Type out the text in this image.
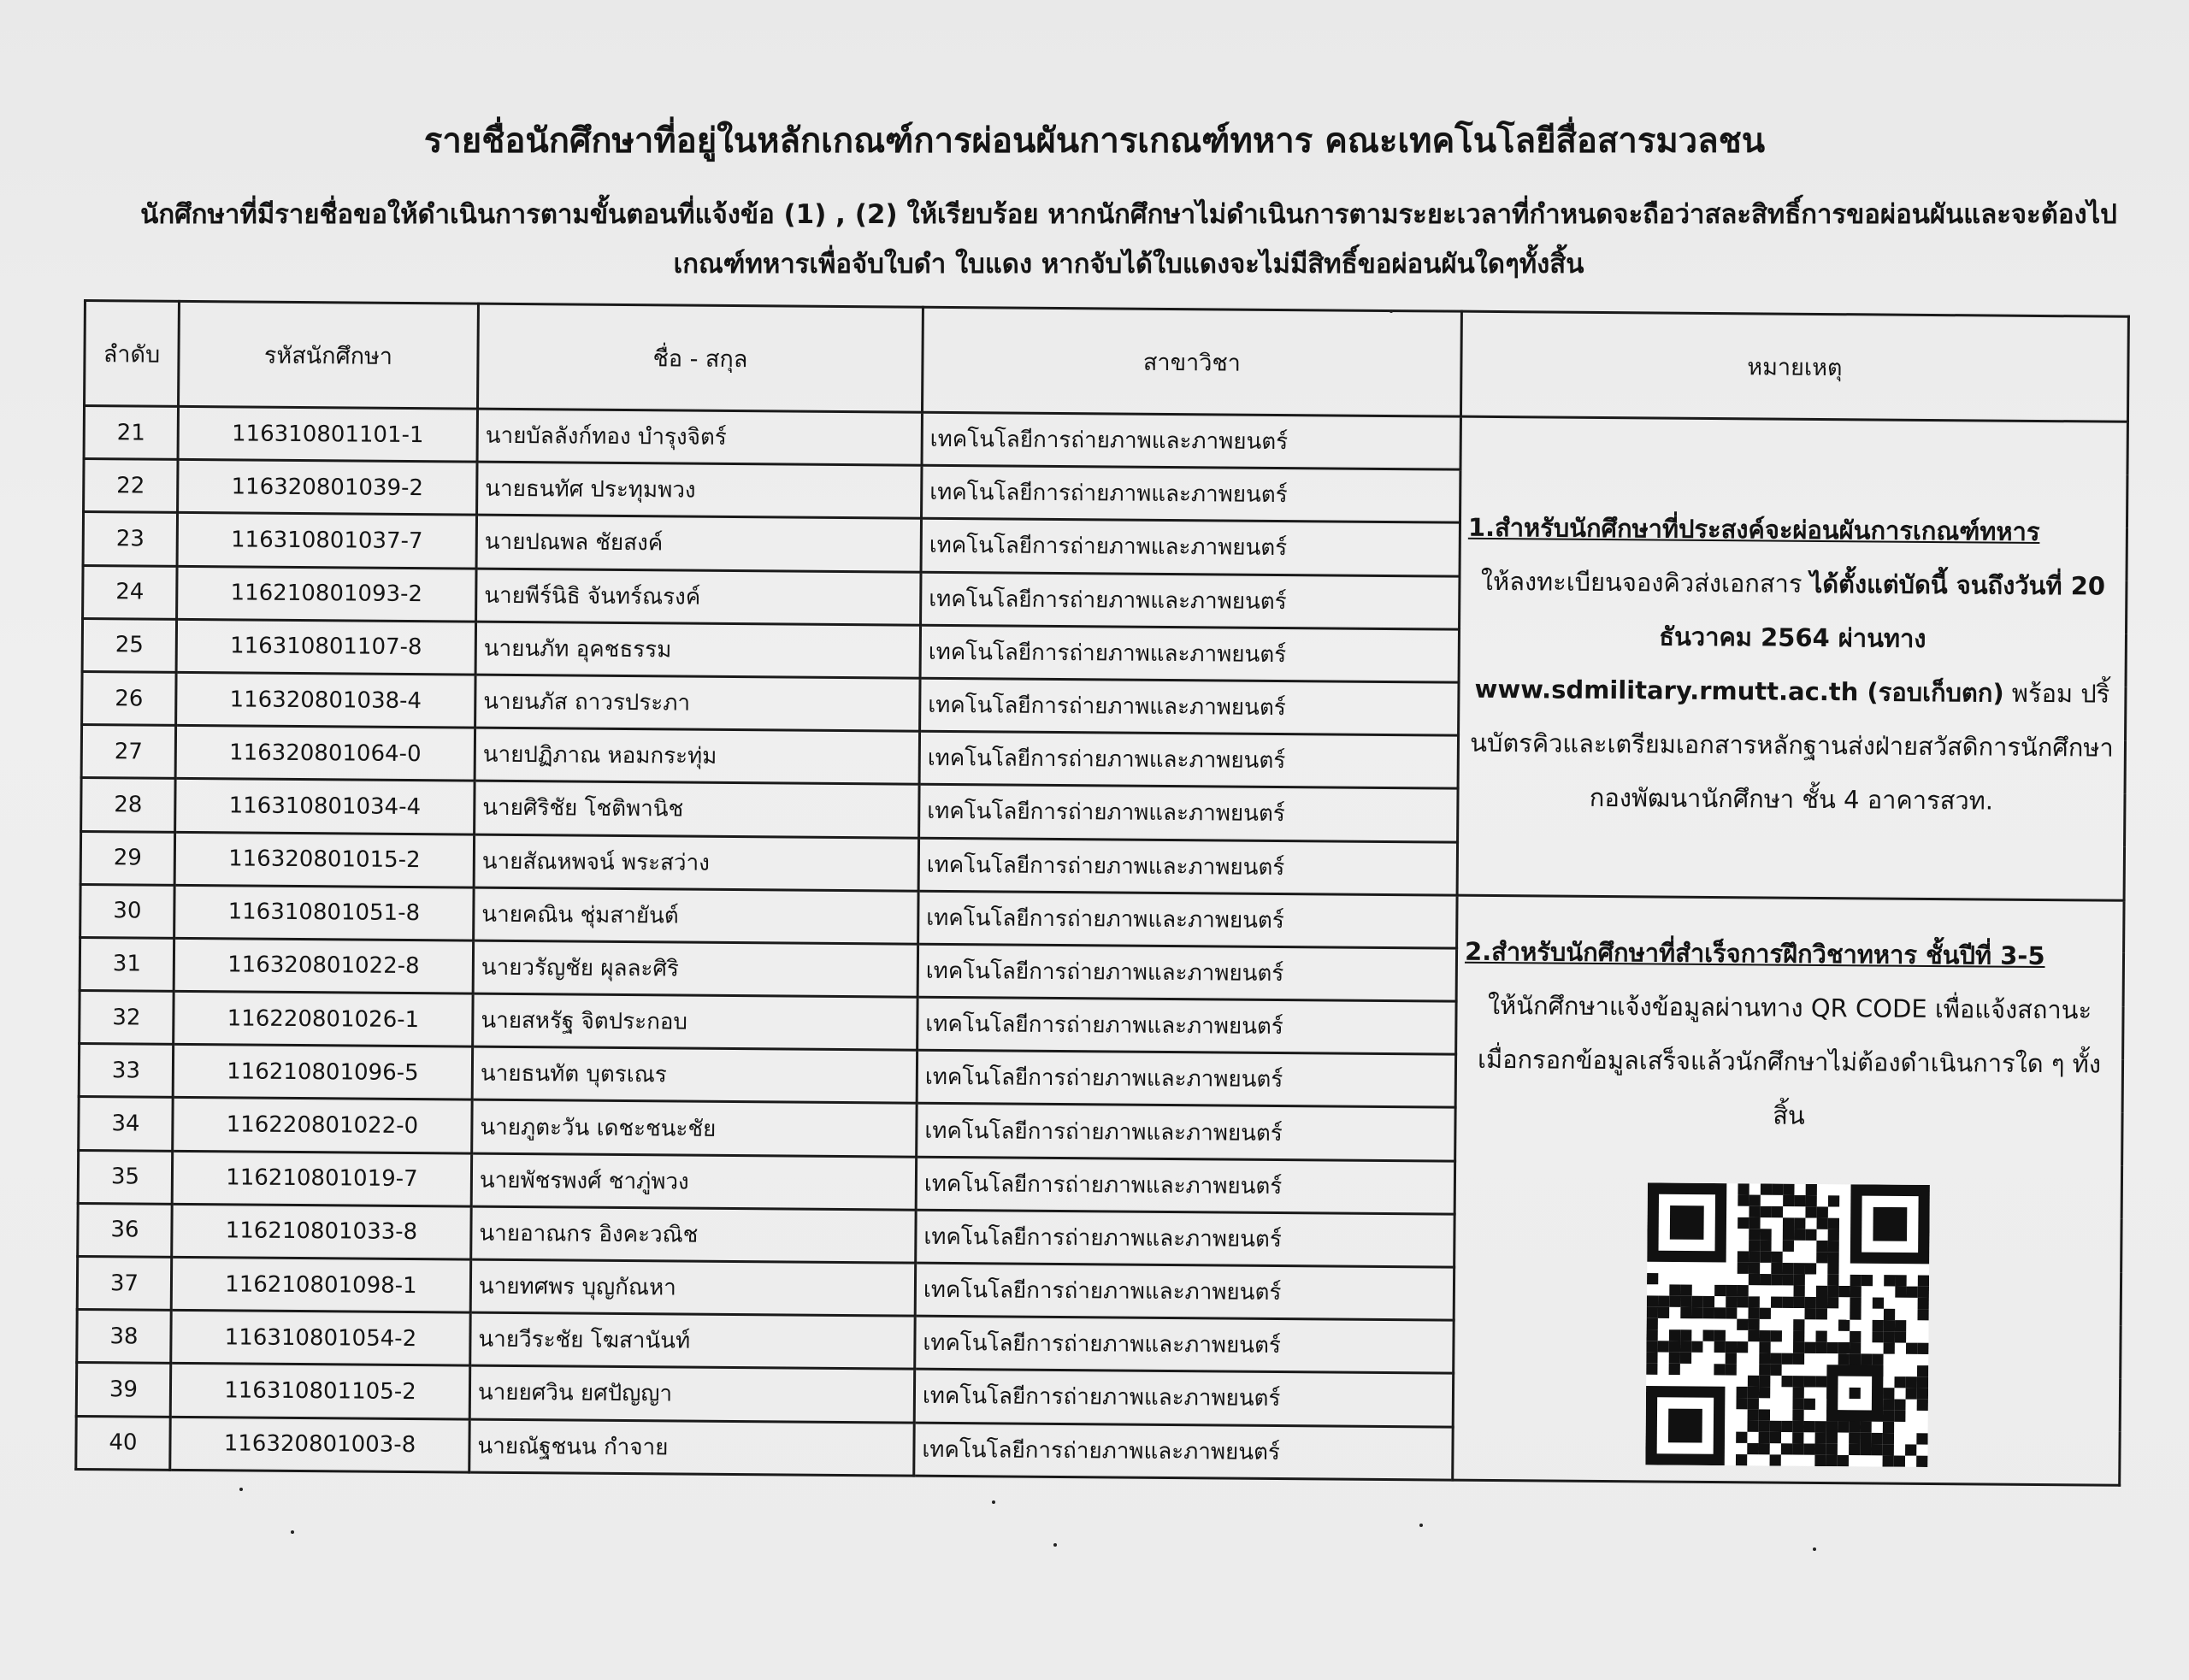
รายชื่อนักศึกษาที่อยู่ในหลักเกณฑ์การผ่อนผันการเกณฑ์ทหาร คณะเทคโนโลยีสื่อสารมวลชน
นักศึกษาที่มีรายชื่อขอให้ดำเนินการตามขั้นตอนที่แจ้งข้อ (1) , (2) ให้เรียบร้อย หากนักศึกษาไม่ดำเนินการตามระยะเวลาที่กำหนดจะถือว่าสละสิทธิ์การขอผ่อนผันและจะต้องไป
เกณฑ์ทหารเพื่อจับใบดำ ใบแดง หากจับได้ใบแดงจะไม่มีสิทธิ์ขอผ่อนผันใดๆทั้งสิ้น
ลำดับ	รหัสนักศึกษา	ชื่อ - สกุล	สาขาวิชา	หมายเหตุ
21	116310801101-1	นายบัลลังก์ทอง บำรุงจิตร์	เทคโนโลยีการถ่ายภาพและภาพยนตร์	1.สำหรับนักศึกษาที่ประสงค์จะผ่อนผันการเกณฑ์ทหาร
ให้ลงทะเบียนจองคิวส่งเอกสาร ได้ตั้งแต่บัดนี้ จนถึงวันที่ 20 ธันวาคม 2564 ผ่านทาง www.sdmilitary.rmutt.ac.th (รอบเก็บตก) พร้อม ปริ้นบัตรคิวและเตรียมเอกสารหลักฐานส่งฝ่ายสวัสดิการนักศึกษา กองพัฒนานักศึกษา ชั้น 4 อาคารสวท.

22	116320801039-2	นายธนทัศ ประทุมพวง	เทคโนโลยีการถ่ายภาพและภาพยนตร์	
23	116310801037-7	นายปณพล ชัยสงค์	เทคโนโลยีการถ่ายภาพและภาพยนตร์	
24	116210801093-2	นายพีร์นิธิ จันทร์ณรงค์	เทคโนโลยีการถ่ายภาพและภาพยนตร์	
25	116310801107-8	นายนภัท อุคชธรรม	เทคโนโลยีการถ่ายภาพและภาพยนตร์	
26	116320801038-4	นายนภัส ถาวรประภา	เทคโนโลยีการถ่ายภาพและภาพยนตร์	
27	116320801064-0	นายปฏิภาณ หอมกระทุ่ม	เทคโนโลยีการถ่ายภาพและภาพยนตร์	
28	116310801034-4	นายศิริชัย โชติพานิช	เทคโนโลยีการถ่ายภาพและภาพยนตร์	
29	116320801015-2	นายสัณหพจน์ พระสว่าง	เทคโนโลยีการถ่ายภาพและภาพยนตร์	
30	116310801051-8	นายคณิน ชุ่มสายันต์	เทคโนโลยีการถ่ายภาพและภาพยนตร์	2.สำหรับนักศึกษาที่สำเร็จการฝึกวิชาทหาร ชั้นปีที่ 3-5
ให้นักศึกษาแจ้งข้อมูลผ่านทาง QR CODE เพื่อแจ้งสถานะ เมื่อกรอกข้อมูลเสร็จแล้วนักศึกษาไม่ต้องดำเนินการใด ๆ ทั้งสิ้น

31	116320801022-8	นายวรัญชัย ผุลละศิริ	เทคโนโลยีการถ่ายภาพและภาพยนตร์	
32	116220801026-1	นายสหรัฐ จิตประกอบ	เทคโนโลยีการถ่ายภาพและภาพยนตร์	
33	116210801096-5	นายธนทัต บุตรเณร	เทคโนโลยีการถ่ายภาพและภาพยนตร์	
34	116220801022-0	นายภูตะวัน เดชะชนะชัย	เทคโนโลยีการถ่ายภาพและภาพยนตร์	
35	116210801019-7	นายพัชรพงศ์ ชาภู่พวง	เทคโนโลยีการถ่ายภาพและภาพยนตร์	
36	116210801033-8	นายอาณกร อิงคะวณิช	เทคโนโลยีการถ่ายภาพและภาพยนตร์	
37	116210801098-1	นายทศพร บุญกัณหา	เทคโนโลยีการถ่ายภาพและภาพยนตร์	
38	116310801054-2	นายวีระชัย โฆสานันท์	เทคโนโลยีการถ่ายภาพและภาพยนตร์	
39	116310801105-2	นายยศวิน ยศปัญญา	เทคโนโลยีการถ่ายภาพและภาพยนตร์	
40	116320801003-8	นายณัฐชนน กำจาย	เทคโนโลยีการถ่ายภาพและภาพยนตร์	
